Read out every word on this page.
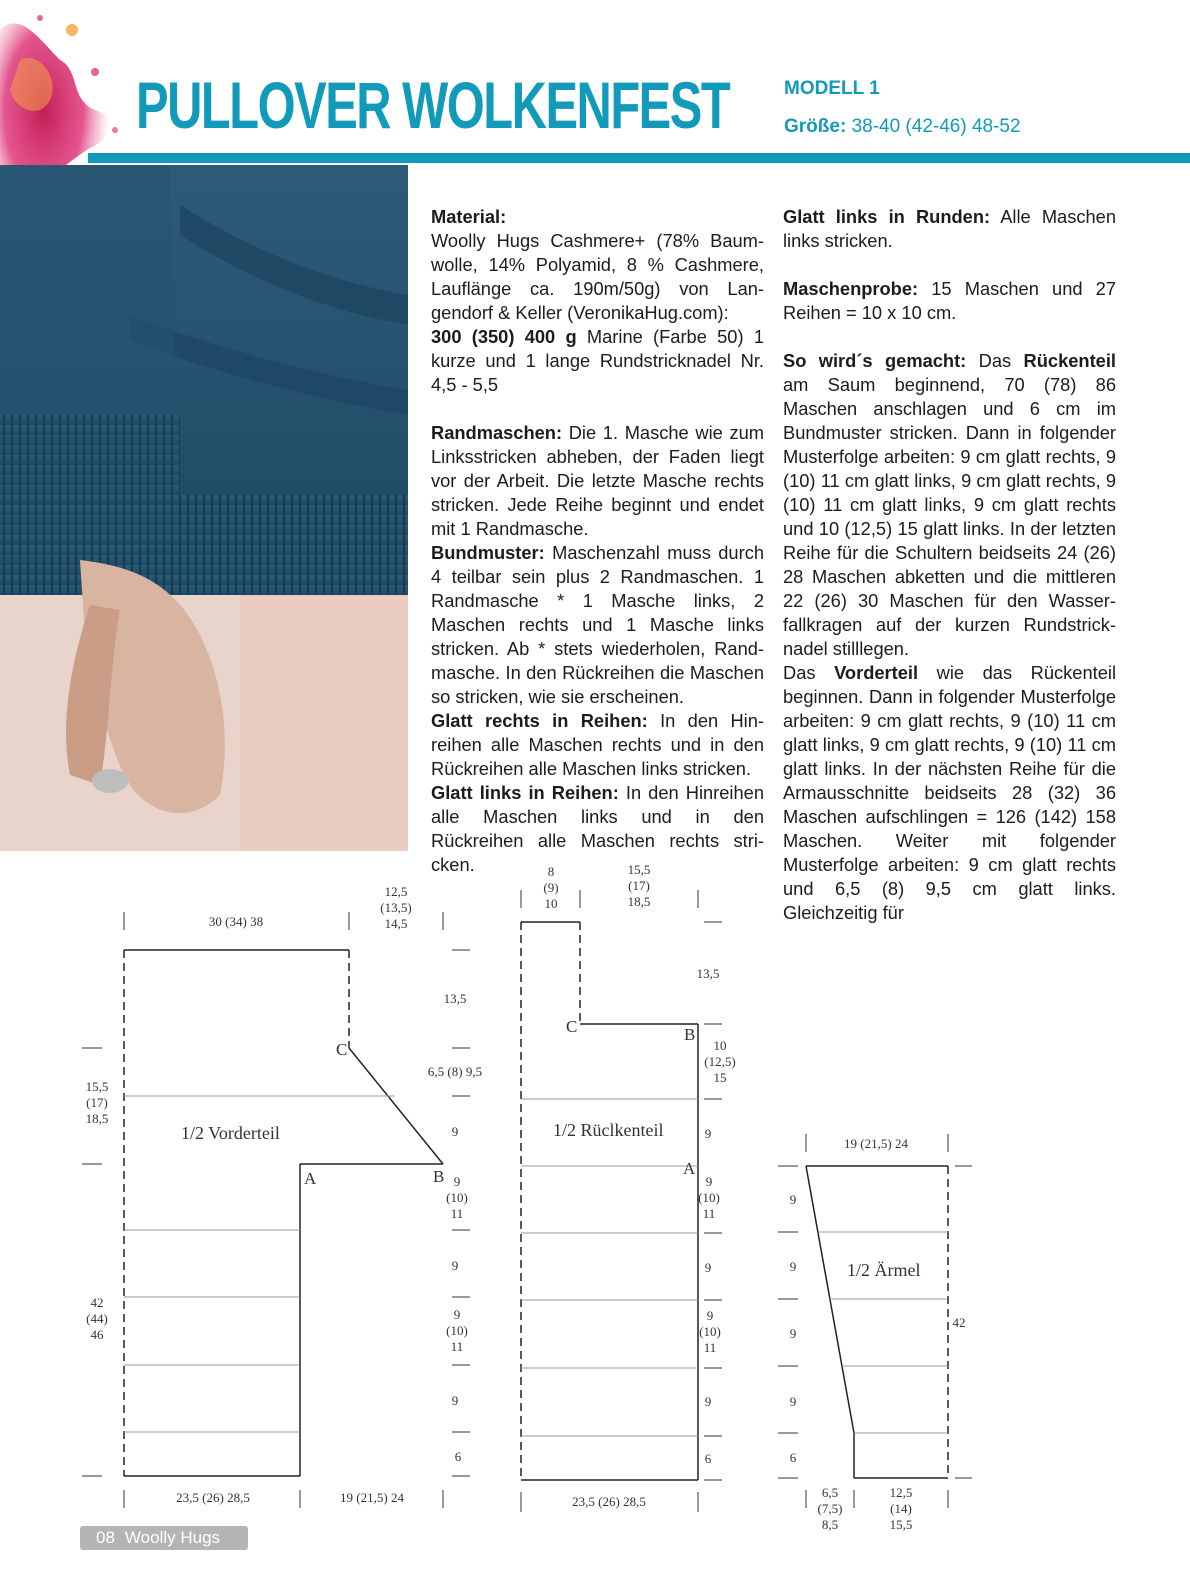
PULLOVER WOLKENFEST	MODELL 1
Größe: 38-40 (42-46) 48-52

Material:

Woolly Hugs Cashmere+ (78% Baumwolle, 14% Polyamid, 8 % Cashmere, Lauflänge ca. 190m/50g) von Langendorf & Keller (VeronikaHug.com):

300 (350) 400 g Marine (Farbe 50) 1 kurze und 1 lange Rundstricknadel Nr. 4,5 - 5,5

Randmaschen: Die 1. Masche wie zum Linksstricken abheben, der Faden liegt vor der Arbeit. Die letzte Masche rechts stricken. Jede Reihe beginnt und endet mit 1 Randmasche.

Bundmuster: Maschenzahl muss durch 4 teilbar sein plus 2 Randmaschen. 1 Randmasche * 1 Masche links, 2 Maschen rechts und 1 Masche links stricken. Ab * stets wiederholen, Randmasche. In den Rückreihen die Maschen so stricken, wie sie erscheinen.

Glatt rechts in Reihen: In den Hinreihen alle Maschen rechts und in den Rückreihen alle Maschen links stricken.

Glatt links in Reihen: In den Hinreihen alle Maschen links und in den Rückreihen alle Maschen rechts stricken.

Glatt links in Runden: Alle Maschen links stricken.

Maschenprobe: 15 Maschen und 27 Reihen = 10 x 10 cm.

So wird´s gemacht: Das Rückenteil am Saum beginnend, 70 (78) 86 Maschen anschlagen und 6 cm im Bundmuster stricken. Dann in folgender Musterfolge arbeiten: 9 cm glatt rechts, 9 (10) 11 cm glatt links, 9 cm glatt rechts, 9 (10) 11 cm glatt links, 9 cm glatt rechts und 10 (12,5) 15 glatt links. In der letzten Reihe für die Schultern beidseits 24 (26) 28 Maschen abketten und die mittleren 22 (26) 30 Maschen für den Wasserfallkragen auf der kurzen Rundstricknadel stilllegen.

Das Vorderteil wie das Rückenteil beginnen. Dann in folgender Musterfolge arbeiten: 9 cm glatt rechts, 9 (10) 11 cm glatt links, 9 cm glatt rechts, 9 (10) 11 cm glatt links. In der nächsten Reihe für die Armausschnitte beidseits 28 (32) 36 Maschen aufschlingen = 126 (142) 158 Maschen. Weiter mit folgender Musterfolge arbeiten: 9 cm glatt rechts und 6,5 (8) 9,5 cm glatt links. Gleichzeitig für

1/2 Vorderteil
30 (34) 38
12,5
(13,5)
14,5
15,5
(17)
18,5
42
(44)
46
13,5
6,5 (8) 9,5
9
9
(10)
11
9
9
(10)
11
9
6
23,5 (26) 28,5	19 (21,5) 24
C
A	B
1/2 Rüclkenteil
8
(9)
10
15,5
(17)
18,5
13,5
10
(12,5)
15
9
9
(10)
11
9
9
(10)
11
9
6
23,5 (26) 28,5
C	B
A
1/2 Ärmel
19 (21,5) 24
42
9
9
9
9
6
6,5
(7,5)
8,5
12,5
(14)
15,5
08 Woolly Hugs
